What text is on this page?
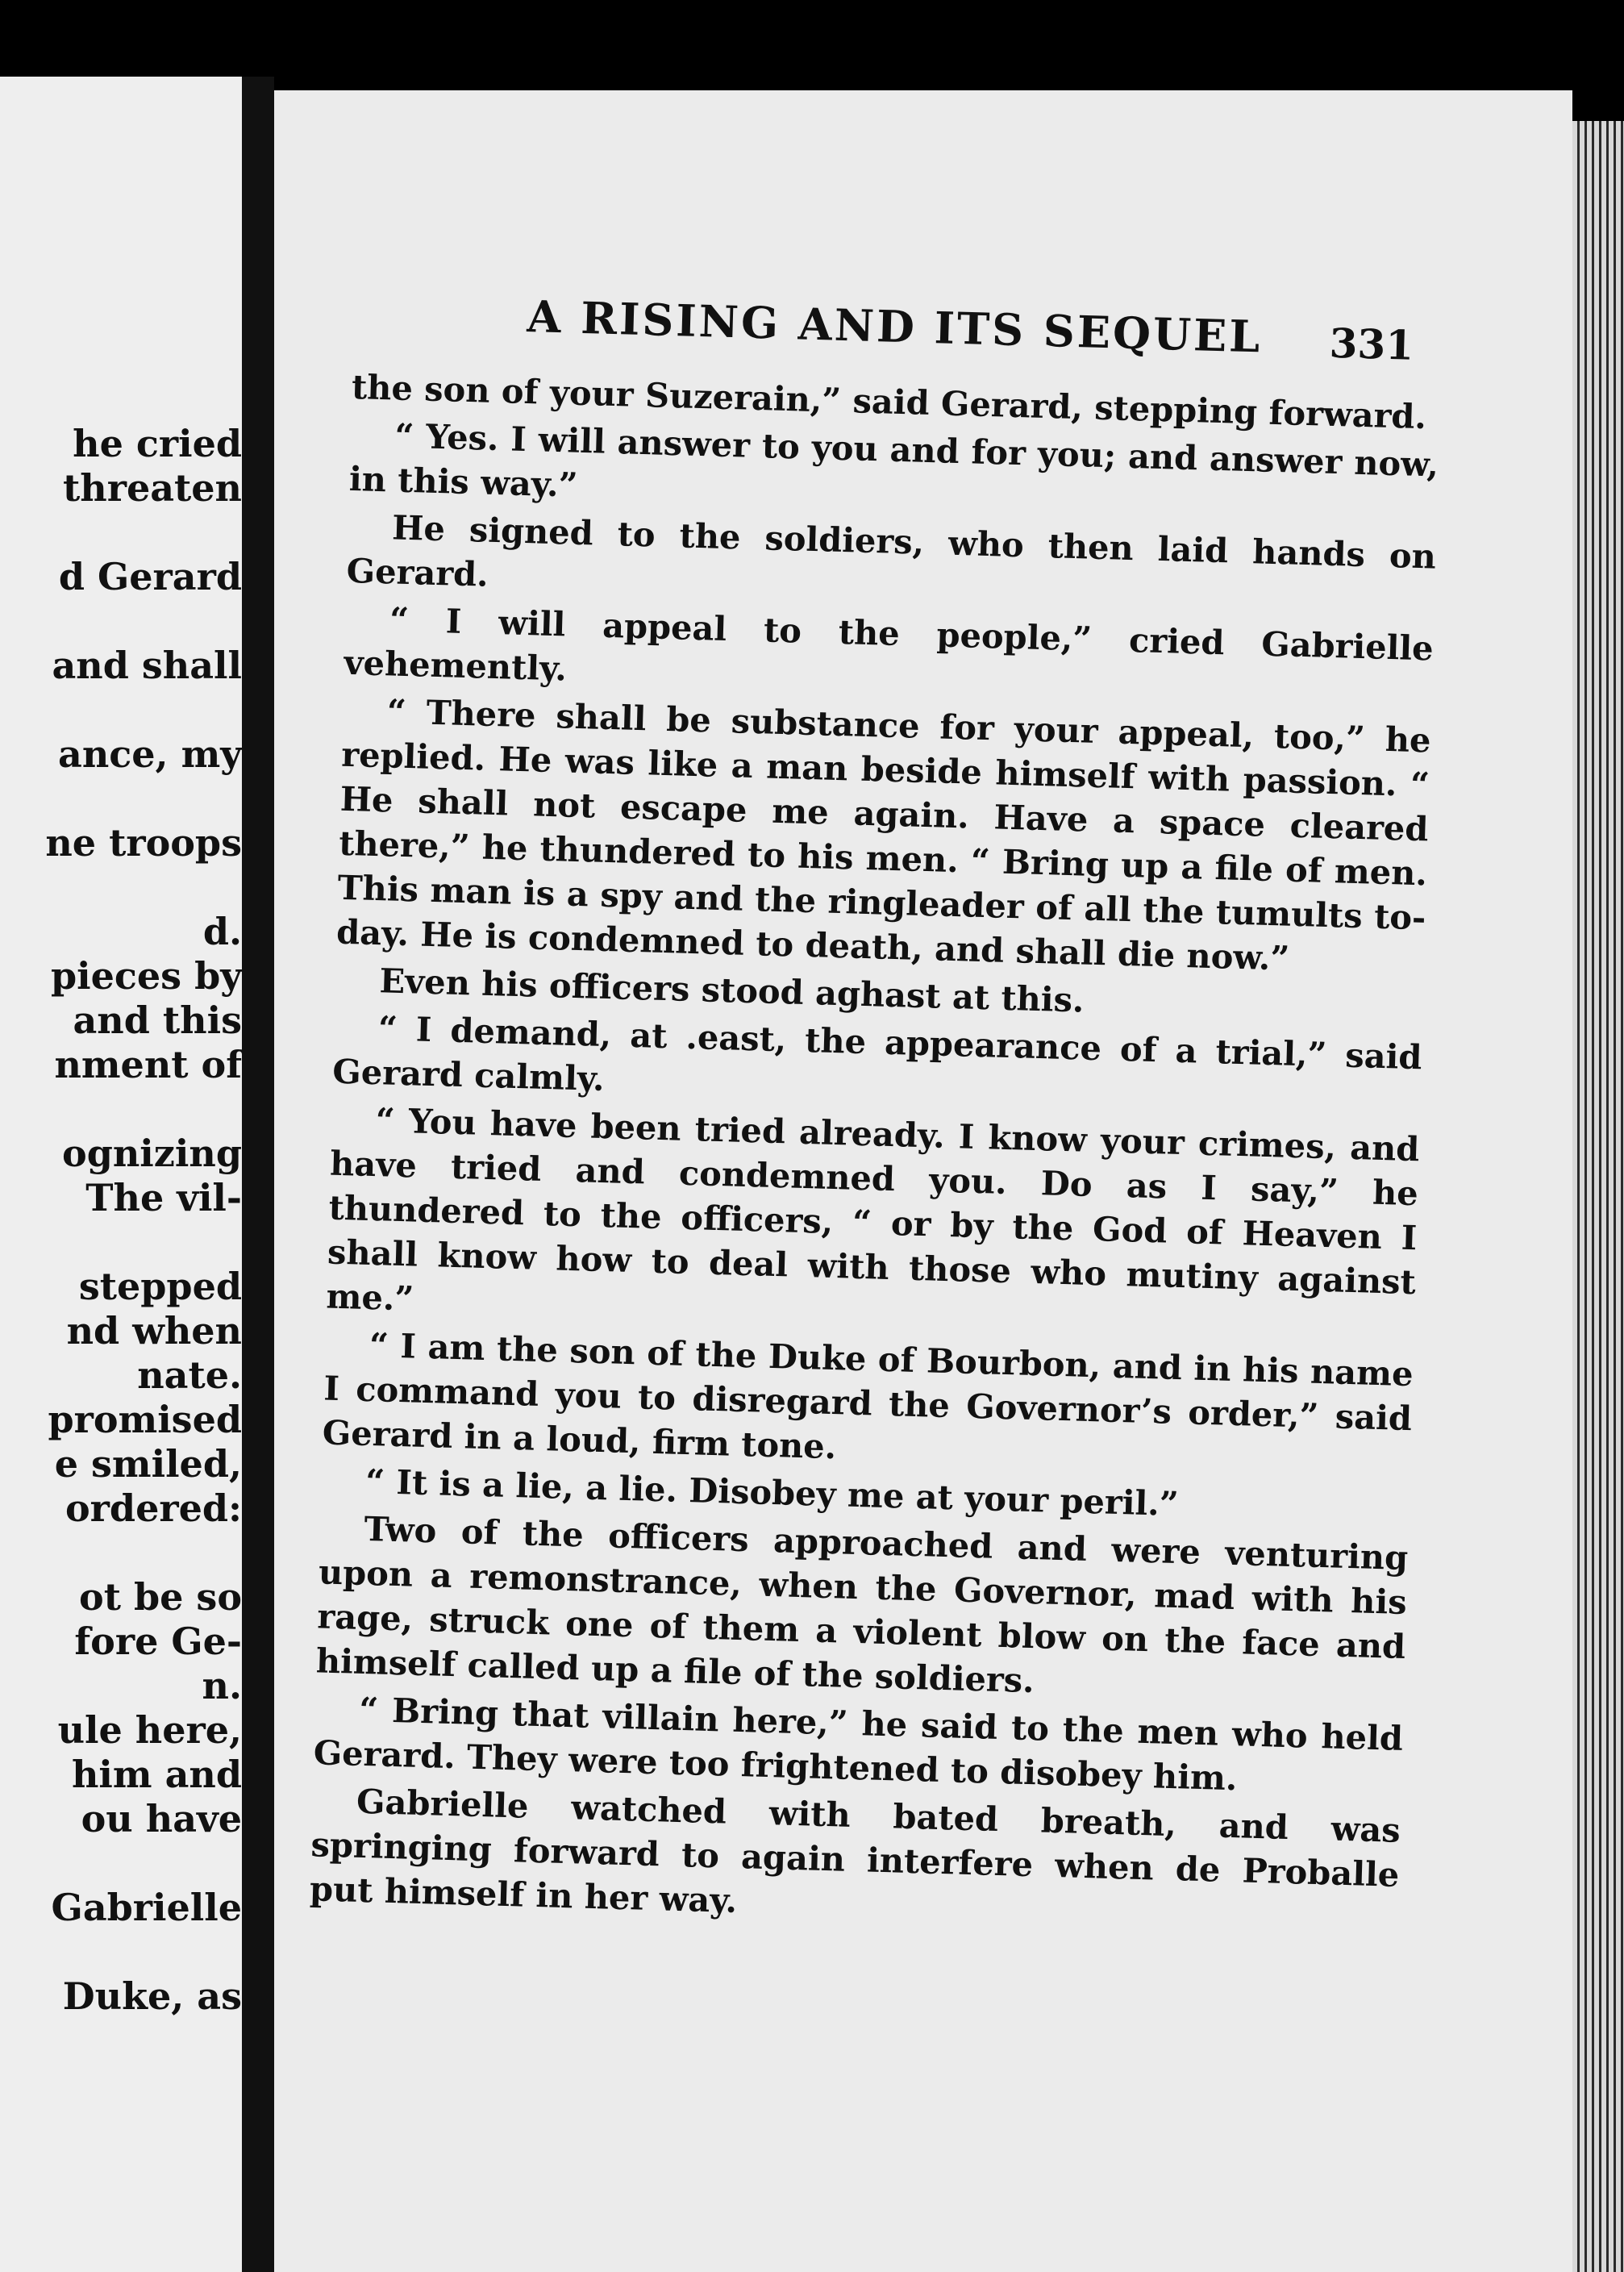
he cried
threaten
d Gerard
and shall
ance, my
ne troops
d.
pieces by
and this
nment of
ognizing
The vil-
stepped
nd when
nate.
promised
e smiled,
ordered:
ot be so
fore Ge-
n.
ule here,
him and
ou have
Gabrielle
Duke, as
A RISING AND ITS SEQUEL 331

the son of your Suzerain,” said Gerard, stepping forward.

“ Yes. I will answer to you and for you; and answer now, in this way.”

He signed to the soldiers, who then laid hands on Gerard.

“ I will appeal to the people,” cried Gabrielle vehemently.

“ There shall be substance for your appeal, too,” he replied. He was like a man beside himself with passion. “ He shall not escape me again. Have a space cleared there,” he thundered to his men. “ Bring up a file of men. This man is a spy and the ringleader of all the tumults to-day. He is condemned to death, and shall die now.”

Even his officers stood aghast at this.

“ I demand, at .east, the appearance of a trial,” said Gerard calmly.

“ You have been tried already. I know your crimes, and have tried and condemned you. Do as I say,” he thundered to the officers, “ or by the God of Heaven I shall know how to deal with those who mutiny against me.”

“ I am the son of the Duke of Bourbon, and in his name I command you to disregard the Governor’s order,” said Gerard in a loud, firm tone.

“ It is a lie, a lie. Disobey me at your peril.”

Two of the officers approached and were venturing upon a remonstrance, when the Governor, mad with his rage, struck one of them a violent blow on the face and himself called up a file of the soldiers.

“ Bring that villain here,” he said to the men who held Gerard. They were too frightened to disobey him.

Gabrielle watched with bated breath, and was springing forward to again interfere when de Proballe put himself in her way.
